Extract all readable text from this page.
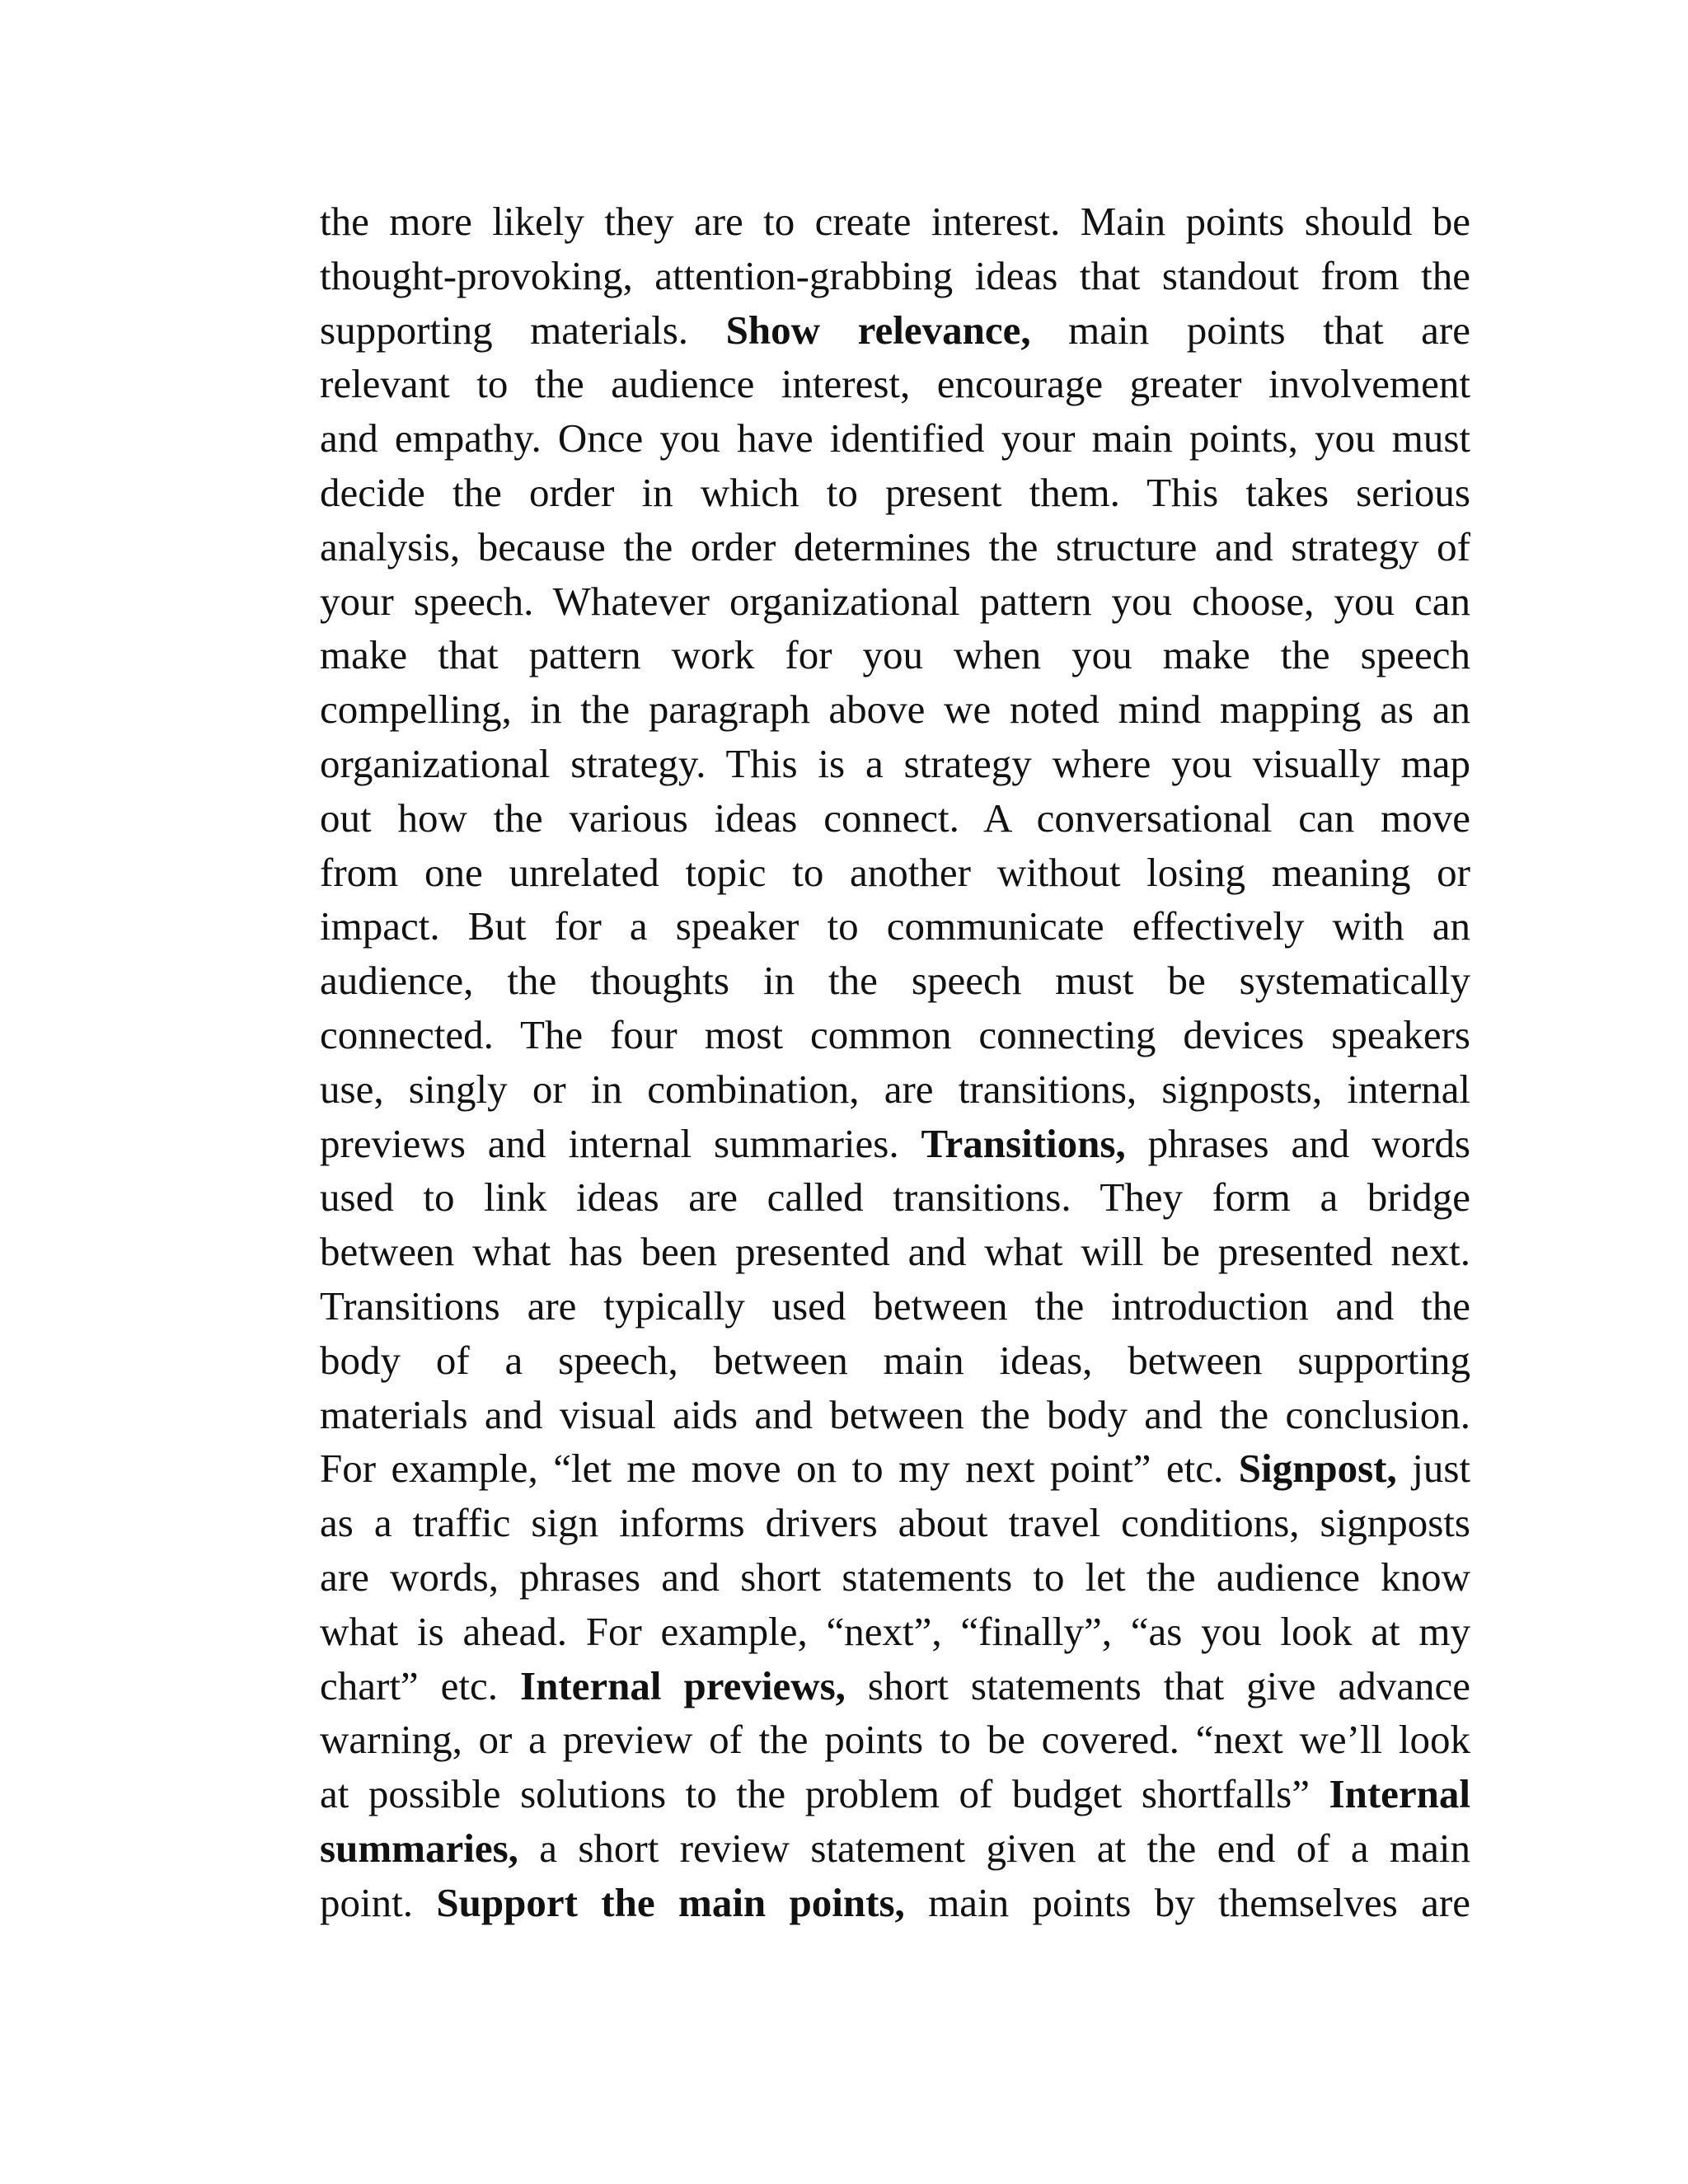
the more likely they are to create interest. Main points should be
thought-provoking, attention-grabbing ideas that standout from the
supporting materials. Show relevance, main points that are
relevant to the audience interest, encourage greater involvement
and empathy. Once you have identified your main points, you must
decide the order in which to present them. This takes serious
analysis, because the order determines the structure and strategy of
your speech. Whatever organizational pattern you choose, you can
make that pattern work for you when you make the speech
compelling, in the paragraph above we noted mind mapping as an
organizational strategy. This is a strategy where you visually map
out how the various ideas connect. A conversational can move
from one unrelated topic to another without losing meaning or
impact. But for a speaker to communicate effectively with an
audience, the thoughts in the speech must be systematically
connected. The four most common connecting devices speakers
use, singly or in combination, are transitions, signposts, internal
previews and internal summaries. Transitions, phrases and words
used to link ideas are called transitions. They form a bridge
between what has been presented and what will be presented next.
Transitions are typically used between the introduction and the
body of a speech, between main ideas, between supporting
materials and visual aids and between the body and the conclusion.
For example, “let me move on to my next point” etc. Signpost, just
as a traffic sign informs drivers about travel conditions, signposts
are words, phrases and short statements to let the audience know
what is ahead. For example, “next”, “finally”, “as you look at my
chart” etc. Internal previews, short statements that give advance
warning, or a preview of the points to be covered. “next we’ll look
at possible solutions to the problem of budget shortfalls” Internal
summaries, a short review statement given at the end of a main
point. Support the main points, main points by themselves are
